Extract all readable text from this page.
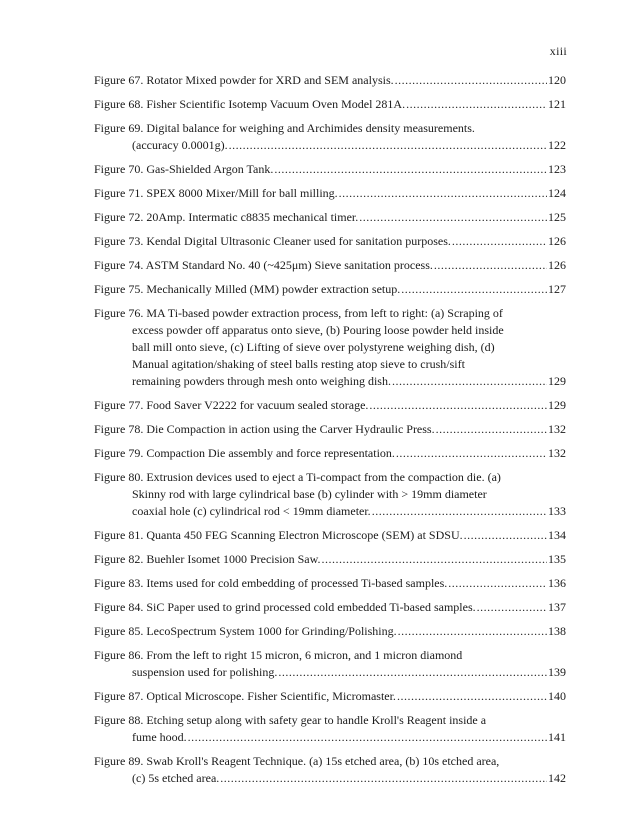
xiii
Figure 67. Rotator Mixed powder for XRD and SEM analysis. .....	120
Figure 68. Fisher Scientific Isotemp Vacuum Oven Model 281A. .....	121
Figure 69. Digital balance for weighing and Archimides density measurements.
(accuracy 0.0001g). .....	122
Figure 70. Gas-Shielded Argon Tank. .....	123
Figure 71. SPEX 8000 Mixer/Mill for ball milling. .....	124
Figure 72. 20Amp. Intermatic c8835 mechanical timer. .....	125
Figure 73. Kendal Digital Ultrasonic Cleaner used for sanitation purposes. .....	126
Figure 74. ASTM Standard No. 40 (~425μm) Sieve sanitation process. .....	126
Figure 75. Mechanically Milled (MM) powder extraction setup. .....	127
Figure 76. MA Ti-based powder extraction process, from left to right: (a) Scraping of
excess powder off apparatus onto sieve, (b) Pouring loose powder held inside
ball mill onto sieve, (c) Lifting of sieve over polystyrene weighing dish, (d)
Manual agitation/shaking of steel balls resting atop sieve to crush/sift
remaining powders through mesh onto weighing dish. .....	129
Figure 77. Food Saver V2222 for vacuum sealed storage. .....	129
Figure 78. Die Compaction in action using the Carver Hydraulic Press. .....	132
Figure 79. Compaction Die assembly and force representation. .....	132
Figure 80. Extrusion devices used to eject a Ti-compact from the compaction die. (a)
Skinny rod with large cylindrical base (b) cylinder with > 19mm diameter
coaxial hole (c) cylindrical rod < 19mm diameter. .....	133
Figure 81. Quanta 450 FEG Scanning Electron Microscope (SEM) at SDSU. .....	134
Figure 82. Buehler Isomet 1000 Precision Saw. .....	135
Figure 83. Items used for cold embedding of processed Ti-based samples. .....	136
Figure 84. SiC Paper used to grind processed cold embedded Ti-based samples. .....	137
Figure 85. LecoSpectrum System 1000 for Grinding/Polishing. .....	138
Figure 86. From the left to right 15 micron, 6 micron, and 1 micron diamond
suspension used for polishing. .....	139
Figure 87. Optical Microscope. Fisher Scientific, Micromaster. .....	140
Figure 88. Etching setup along with safety gear to handle Kroll's Reagent inside a
fume hood. .....	141
Figure 89. Swab Kroll's Reagent Technique. (a) 15s etched area, (b) 10s etched area,
(c) 5s etched area. .....	142
